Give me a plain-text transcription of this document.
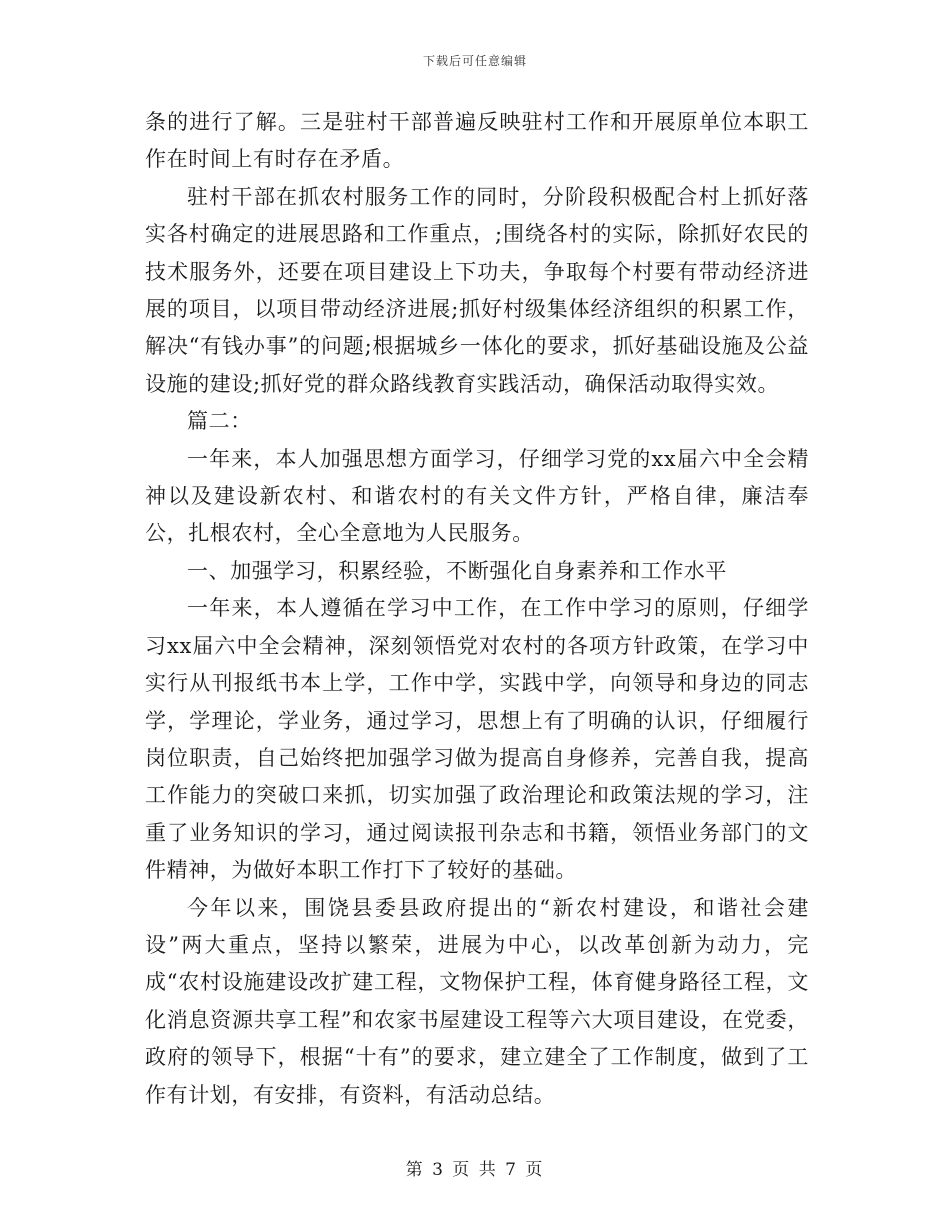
下载后可任意编辑

条的进行了解。三是驻村干部普遍反映驻村工作和开展原单位本职工作在时间上有时存在矛盾。

驻村干部在抓农村服务工作的同时，分阶段积极配合村上抓好落实各村确定的进展思路和工作重点，;围绕各村的实际，除抓好农民的技术服务外，还要在项目建设上下功夫，争取每个村要有带动经济进展的项目，以项目带动经济进展;抓好村级集体经济组织的积累工作，解决“有钱办事”的问题;根据城乡一体化的要求，抓好基础设施及公益设施的建设;抓好党的群众路线教育实践活动，确保活动取得实效。

篇二：

一年来，本人加强思想方面学习，仔细学习党的xx届六中全会精神以及建设新农村、和谐农村的有关文件方针，严格自律，廉洁奉公，扎根农村，全心全意地为人民服务。

一、加强学习，积累经验，不断强化自身素养和工作水平

一年来，本人遵循在学习中工作，在工作中学习的原则，仔细学习xx届六中全会精神，深刻领悟党对农村的各项方针政策，在学习中实行从刊报纸书本上学，工作中学，实践中学，向领导和身边的同志学，学理论，学业务，通过学习，思想上有了明确的认识，仔细履行岗位职责，自己始终把加强学习做为提高自身修养，完善自我，提高工作能力的突破口来抓，切实加强了政治理论和政策法规的学习，注重了业务知识的学习，通过阅读报刊杂志和书籍，领悟业务部门的文件精神，为做好本职工作打下了较好的基础。

今年以来，围饶县委县政府提出的“新农村建设，和谐社会建设”两大重点，坚持以繁荣，进展为中心，以改革创新为动力，完成“农村设施建设改扩建工程，文物保护工程，体育健身路径工程，文化消息资源共享工程”和农家书屋建设工程等六大项目建设，在党委，政府的领导下，根据“十有”的要求，建立建全了工作制度，做到了工作有计划，有安排，有资料，有活动总结。

第 3 页 共 7 页
